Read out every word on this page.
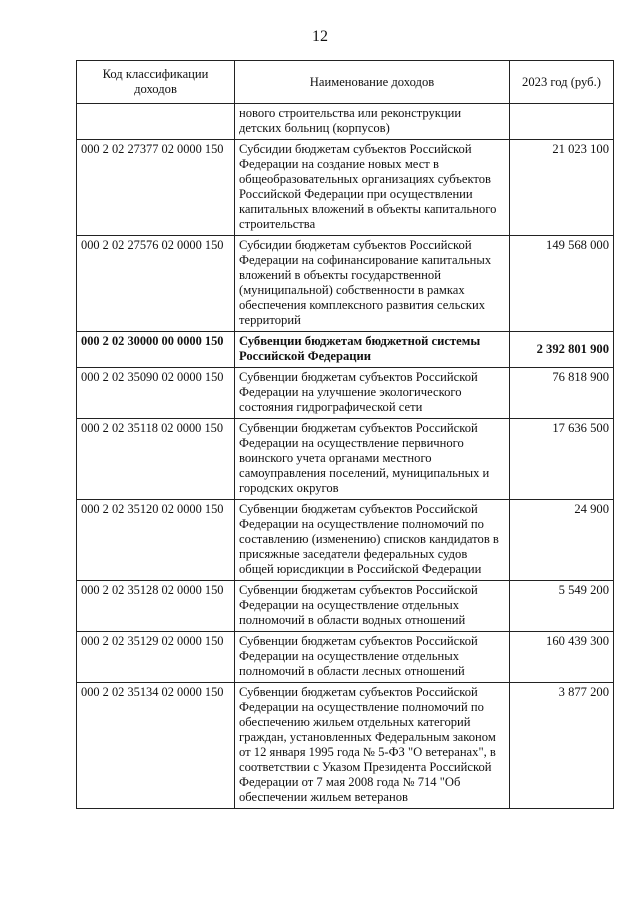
12
Код классификации доходов	Наименование доходов	2023 год (руб.)
	нового строительства или реконструкции детских больниц (корпусов)	
000 2 02 27377 02 0000 150	Субсидии бюджетам субъектов Российской Федерации на создание новых мест в общеобразовательных организациях субъектов Российской Федерации при осуществлении капитальных вложений в объекты капитального строительства	21 023 100
000 2 02 27576 02 0000 150	Субсидии бюджетам субъектов Российской Федерации на софинансирование капитальных вложений в объекты государственной (муниципальной) собственности в рамках обеспечения комплексного развития сельских территорий	149 568 000
000 2 02 30000 00 0000 150	Субвенции бюджетам бюджетной системы Российской Федерации	2 392 801 900
000 2 02 35090 02 0000 150	Субвенции бюджетам субъектов Российской Федерации на улучшение экологического состояния гидрографической сети	76 818 900
000 2 02 35118 02 0000 150	Субвенции бюджетам субъектов Российской Федерации на осуществление первичного воинского учета органами местного самоуправления поселений, муниципальных и городских округов	17 636 500
000 2 02 35120 02 0000 150	Субвенции бюджетам субъектов Российской Федерации на осуществление полномочий по составлению (изменению) списков кандидатов в присяжные заседатели федеральных судов общей юрисдикции в Российской Федерации	24 900
000 2 02 35128 02 0000 150	Субвенции бюджетам субъектов Российской Федерации на осуществление отдельных полномочий в области водных отношений	5 549 200
000 2 02 35129 02 0000 150	Субвенции бюджетам субъектов Российской Федерации на осуществление отдельных полномочий в области лесных отношений	160 439 300
000 2 02 35134 02 0000 150	Субвенции бюджетам субъектов Российской Федерации на осуществление полномочий по обеспечению жильем отдельных категорий граждан, установленных Федеральным законом от 12 января 1995 года № 5-ФЗ "О ветеранах", в соответствии с Указом Президента Российской Федерации от 7 мая 2008 года № 714 "Об обеспечении жильем ветеранов	3 877 200
